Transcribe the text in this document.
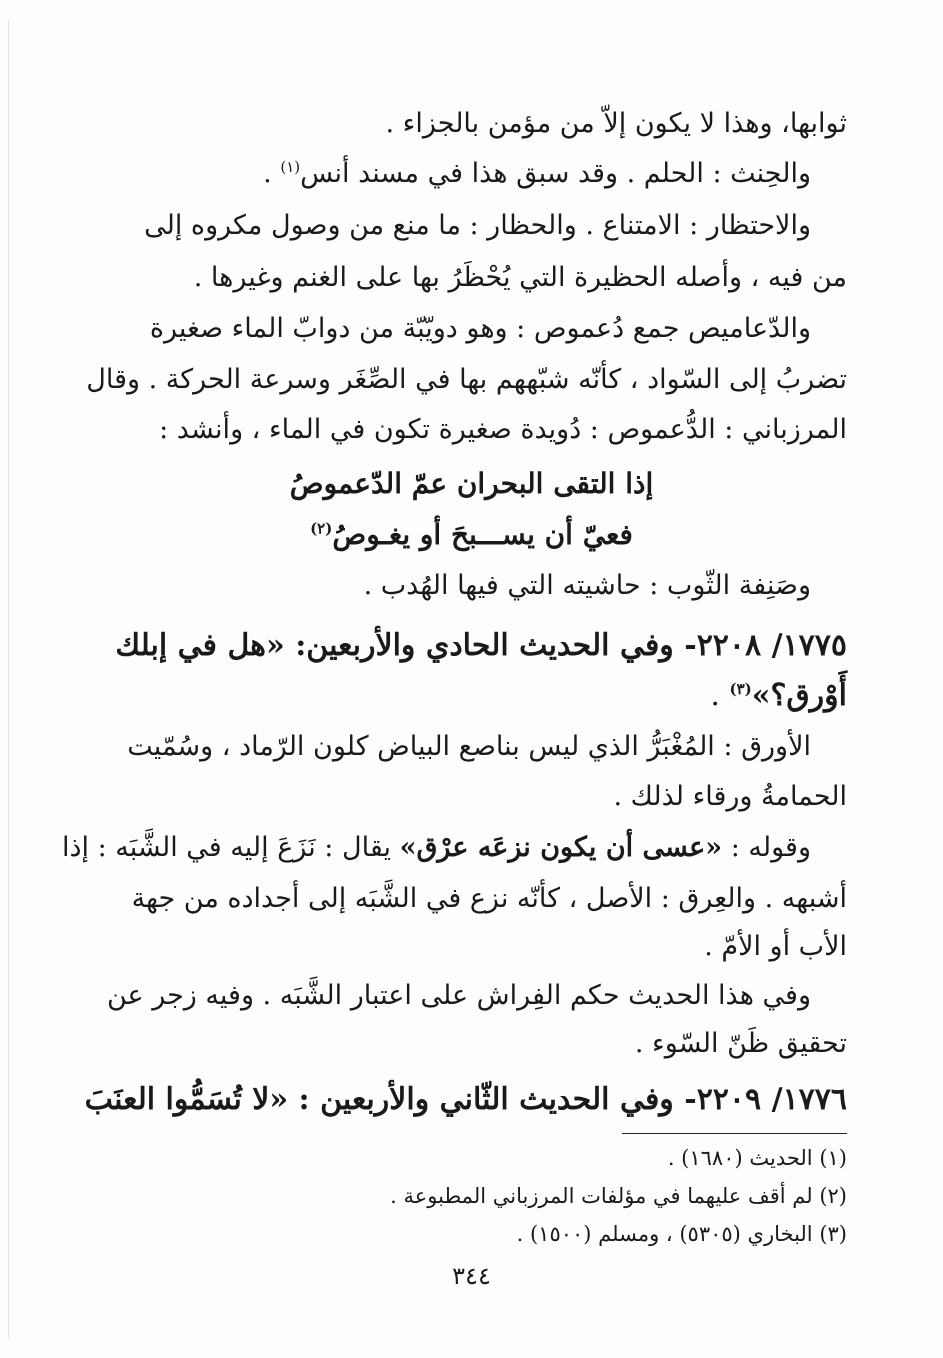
ثوابها، وهذا لا يكون إلاّ من مؤمن بالجزاء .
والحِنث : الحلم . وقد سبق هذا في مسند أنس$^{(١)}$ .
والاحتظار : الامتناع . والحظار : ما منع من وصول مكروه إلى
من فيه ، وأصله الحظيرة التي يُحْظَرُ بها على الغنم وغيرها .
والدّعاميص جمع دُعموص : وهو دويّبّة من دوابّ الماء صغيرة
تضربُ إلى السّواد ، كأنّه شبّههم بها في الصِّغَر وسرعة الحركة . وقال
المرزباني : الدُّعموص : دُويدة صغيرة تكون في الماء ، وأنشد :
إذا التقى البحران عمّ الدّعموصُ
فعيّ أن يســـبحَ أو يغـوصُ$^{(٢)}$
وصَنِفة الثّوب : حاشيته التي فيها الهُدب .
١٧٧٥/ ٢٢٠٨- وفي الحديث الحادي والأربعين: «هل في إبلك
أَوْرق؟»$^{(٣)}$ .
الأورق : المُغْبَرُّ الذي ليس بناصع البياض كلون الرّماد ، وسُمّيت
الحمامةُ ورقاء لذلك .
وقوله : «عسى أن يكون نزعَه عرْق» يقال : نَزَعَ إليه في الشَّبَه : إذا
أشبهه . والعِرق : الأصل ، كأنّه نزع في الشَّبَه إلى أجداده من جهة
الأب أو الأمّ .
وفي هذا الحديث حكم الفِراش على اعتبار الشَّبَه . وفيه زجر عن
تحقيق ظَنّ السّوء .
١٧٧٦/ ٢٢٠٩- وفي الحديث الثّاني والأربعين : «لا تُسَمُّوا العنَبَ
(١) الحديث (١٦٨٠) .
(٢) لم أقف عليهما في مؤلفات المرزباني المطبوعة .
(٣) البخاري (٥٣٠٥) ، ومسلم (١٥٠٠) .
٣٤٤
